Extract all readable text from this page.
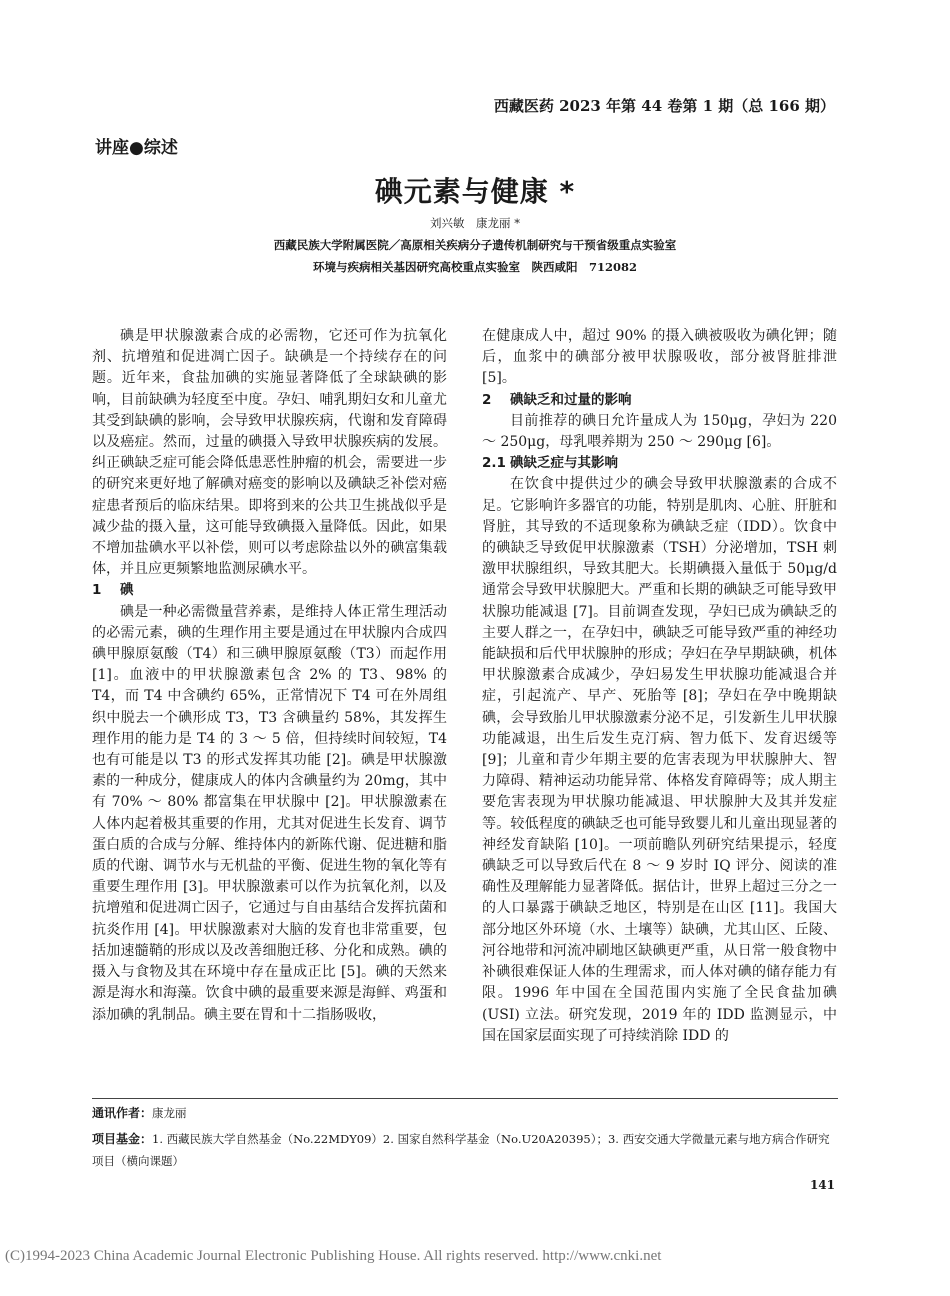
西藏医药 2023 年第 44 卷第 1 期（总 166 期）
讲座●综述
碘元素与健康 *
刘兴敏　康龙丽 *
西藏民族大学附属医院／高原相关疾病分子遗传机制研究与干预省级重点实验室
环境与疾病相关基因研究高校重点实验室　陕西咸阳　712082

碘是甲状腺激素合成的必需物，它还可作为抗氧化剂、抗增殖和促进凋亡因子。缺碘是一个持续存在的问题。近年来，食盐加碘的实施显著降低了全球缺碘的影响，目前缺碘为轻度至中度。孕妇、哺乳期妇女和儿童尤其受到缺碘的影响，会导致甲状腺疾病，代谢和发育障碍以及癌症。然而，过量的碘摄入导致甲状腺疾病的发展。纠正碘缺乏症可能会降低患恶性肿瘤的机会，需要进一步的研究来更好地了解碘对癌变的影响以及碘缺乏补偿对癌症患者预后的临床结果。即将到来的公共卫生挑战似乎是减少盐的摄入量，这可能导致碘摄入量降低。因此，如果不增加盐碘水平以补偿，则可以考虑除盐以外的碘富集载体，并且应更频繁地监测尿碘水平。

1 碘

碘是一种必需微量营养素，是维持人体正常生理活动的必需元素，碘的生理作用主要是通过在甲状腺内合成四碘甲腺原氨酸（T4）和三碘甲腺原氨酸（T3）而起作用 [1]。血液中的甲状腺激素包含 2% 的 T3、98% 的 T4，而 T4 中含碘约 65%，正常情况下 T4 可在外周组织中脱去一个碘形成 T3，T3 含碘量约 58%，其发挥生理作用的能力是 T4 的 3 ～ 5 倍，但持续时间较短，T4 也有可能是以 T3 的形式发挥其功能 [2]。碘是甲状腺激素的一种成分，健康成人的体内含碘量约为 20mg，其中有 70% ～ 80% 都富集在甲状腺中 [2]。甲状腺激素在人体内起着极其重要的作用，尤其对促进生长发育、调节蛋白质的合成与分解、维持体内的新陈代谢、促进糖和脂质的代谢、调节水与无机盐的平衡、促进生物的氧化等有重要生理作用 [3]。甲状腺激素可以作为抗氧化剂，以及抗增殖和促进凋亡因子，它通过与自由基结合发挥抗菌和抗炎作用 [4]。甲状腺激素对大脑的发育也非常重要，包括加速髓鞘的形成以及改善细胞迁移、分化和成熟。碘的摄入与食物及其在环境中存在量成正比 [5]。碘的天然来源是海水和海藻。饮食中碘的最重要来源是海鲜、鸡蛋和添加碘的乳制品。碘主要在胃和十二指肠吸收，

在健康成人中，超过 90% 的摄入碘被吸收为碘化钾；随后，血浆中的碘部分被甲状腺吸收，部分被肾脏排泄 [5]。

2 碘缺乏和过量的影响

目前推荐的碘日允许量成人为 150μg，孕妇为 220 ～ 250μg，母乳喂养期为 250 ～ 290μg [6]。

2.1 碘缺乏症与其影响

在饮食中提供过少的碘会导致甲状腺激素的合成不足。它影响许多器官的功能，特别是肌肉、心脏、肝脏和肾脏，其导致的不适现象称为碘缺乏症（IDD）。饮食中的碘缺乏导致促甲状腺激素（TSH）分泌增加，TSH 刺激甲状腺组织，导致其肥大。长期碘摄入量低于 50μg/d 通常会导致甲状腺肥大。严重和长期的碘缺乏可能导致甲状腺功能减退 [7]。目前调查发现，孕妇已成为碘缺乏的主要人群之一，在孕妇中，碘缺乏可能导致严重的神经功能缺损和后代甲状腺肿的形成；孕妇在孕早期缺碘，机体甲状腺激素合成减少，孕妇易发生甲状腺功能减退合并症，引起流产、早产、死胎等 [8]；孕妇在孕中晚期缺碘，会导致胎儿甲状腺激素分泌不足，引发新生儿甲状腺功能减退，出生后发生克汀病、智力低下、发育迟缓等 [9]；儿童和青少年期主要的危害表现为甲状腺肿大、智力障碍、精神运动功能异常、体格发育障碍等；成人期主要危害表现为甲状腺功能减退、甲状腺肿大及其并发症等。较低程度的碘缺乏也可能导致婴儿和儿童出现显著的神经发育缺陷 [10]。一项前瞻队列研究结果提示，轻度碘缺乏可以导致后代在 8 ～ 9 岁时 IQ 评分、阅读的准确性及理解能力显著降低。据估计，世界上超过三分之一的人口暴露于碘缺乏地区，特别是在山区 [11]。我国大部分地区外环境（水、土壤等）缺碘，尤其山区、丘陵、河谷地带和河流冲刷地区缺碘更严重，从日常一般食物中补碘很难保证人体的生理需求，而人体对碘的储存能力有限。1996 年中国在全国范围内实施了全民食盐加碘 (USI) 立法。研究发现，2019 年的 IDD 监测显示，中国在国家层面实现了可持续消除 IDD 的

通讯作者：康龙丽
项目基金：1. 西藏民族大学自然基金（No.22MDY09）2. 国家自然科学基金（No.U20A20395）；3. 西安交通大学微量元素与地方病合作研究项目（横向课题）
141
(C)1994-2023 China Academic Journal Electronic Publishing House. All rights reserved. http://www.cnki.net
